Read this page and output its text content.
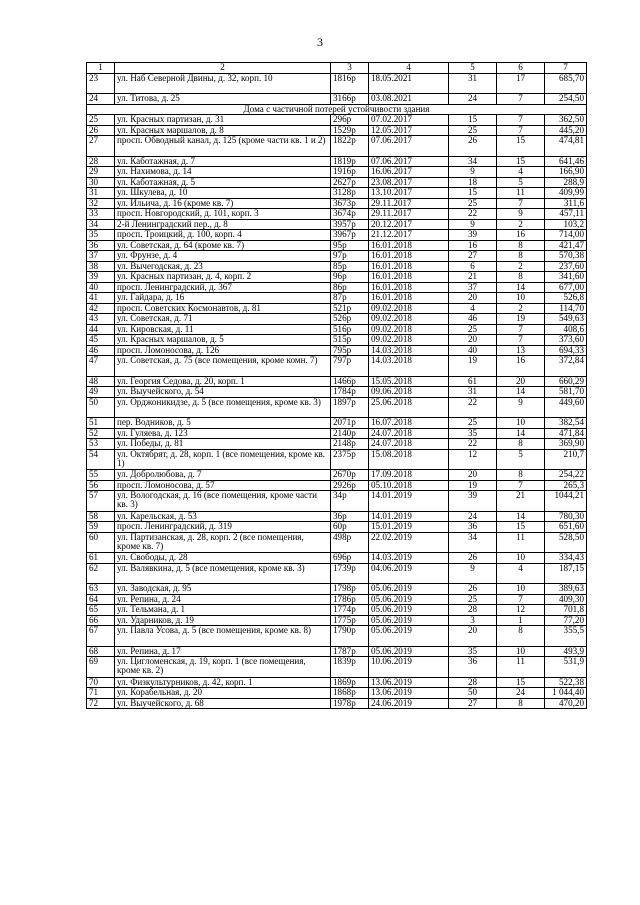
3
1	2	3	4	5	6	7
23	ул. Наб Северной Двины, д. 32, корп. 10	1816р	18.05.2021	31	17	685,70
24	ул. Титова, д. 25	3166р	03.08.2021	24	7	254,50
Дома с частичной потерей устойчивости здания						
25	ул. Красных партизан, д. 31	296р	07.02.2017	15	7	362,50
26	ул. Красных маршалов, д. 8	1529р	12.05.2017	25	7	445,20
27	просп. Обводный канал, д. 125 (кроме части кв. 1 и 2)	1822р	07.06.2017	26	15	474,81
28	ул. Каботажная, д. 7	1819р	07.06.2017	34	15	641,46
29	ул. Нахимова, д. 14	1916р	16.06.2017	9	4	166,90
30	ул. Каботажная, д. 5	2627р	23.08.2017	18	5	288,9
31	ул. Шкулева, д. 10	3128р	13.10.2017	15	11	409,99
32	ул. Ильича, д. 16 (кроме кв. 7)	3673р	29.11.2017	25	7	311,6
33	просп. Новгородский, д. 101, корп. 3	3674р	29.11.2017	22	9	457,11
34	2-й Ленинградский пер., д. 8	3957р	20.12.2017	9	2	103,2
35	просп. Троицкий, д. 100, корп. 4	3967р	21.12.2017	39	16	714,00
36	ул. Советская, д. 64 (кроме кв. 7)	95р	16.01.2018	16	8	421,47
37	ул. Фрунзе, д. 4	97р	16.01.2018	27	8	570,38
38	ул. Вычегодская, д. 23	85р	16.01.2018	6	2	237,60
39	ул. Красных партизан, д. 4, корп. 2	96р	16.01.2018	21	8	341,60
40	просп. Ленинградский, д. 367	86р	16.01.2018	37	14	677,00
41	ул. Гайдара, д. 16	87р	16.01.2018	20	10	526,8
42	просп. Советских Космонавтов, д. 81	521р	09.02.2018	4	2	114,70
43	ул. Советская, д. 71	526р	09.02.2018	46	19	549,63
44	ул. Кировская, д. 11	516р	09.02.2018	25	7	408,6
45	ул. Красных маршалов, д. 5	515р	09.02.2018	20	7	373,60
46	просп. Ломоносова, д. 126	795р	14.03.2018	40	13	694,33
47	ул. Советская, д. 75 (все помещения, кроме комн. 7)	797р	14.03.2018	19	16	372,84
48	ул. Георгия Седова, д. 20, корп. 1	1466р	15.05.2018	61	20	660,29
49	ул. Выучейского, д. 54	1784р	09.06.2018	31	14	581,70
50	ул. Орджоникидзе, д. 5 (все помещения, кроме кв. 3)	1897р	25.06.2018	22	9	449,60
51	пер. Водников, д. 5	2071р	16.07.2018	25	10	382,54
52	ул. Гуляева, д. 123	2140р	24.07.2018	35	14	471,84
53	ул. Победы, д. 81	2148р	24.07.2018	22	8	369,90
54	ул. Октябрят, д. 28, корп. 1 (все помещения, кроме кв. 1)	2375р	15.08.2018	12	5	210,7
55	ул. Добролюбова, д. 7	2670р	17.09.2018	20	8	254,22
56	просп. Ломоносова, д. 57	2926р	05.10.2018	19	7	265,3
57	ул. Вологодская, д. 16 (все помещения, кроме части кв. 3)	34р	14.01.2019	39	21	1044,21
58	ул. Карельская, д. 53	36р	14.01.2019	24	14	780,30
59	просп. Ленинградский, д. 319	60р	15.01.2019	36	15	651,60
60	ул. Партизанская, д. 28, корп. 2 (все помещения, кроме кв. 7)	498р	22.02.2019	34	11	528,50
61	ул. Свободы, д. 28	696р	14.03.2019	26	10	334,43
62	ул. Валявкина, д. 5 (все помещения, кроме кв. 3)	1739р	04.06.2019	9	4	187,15
63	ул. Заводская, д. 95	1798р	05.06.2019	26	10	389,63
64	ул. Репина, д. 24	1786р	05.06.2019	25	7	409,30
65	ул. Тельмана, д. 1	1774р	05.06.2019	28	12	701,8
66	ул. Ударников, д. 19	1775р	05.06.2019	3	1	77,20
67	ул. Павла Усова, д. 5 (все помещения, кроме кв. 8)	1790р	05.06.2019	20	8	355,5
68	ул. Репина, д. 17	1787р	05.06.2019	35	10	493,9
69	ул. Цигломенская, д. 19, корп. 1 (все помещения, кроме кв. 2)	1839р	10.06.2019	36	11	531,9
70	ул. Физкультурников, д. 42, корп. 1	1869р	13.06.2019	28	15	522,38
71	ул. Корабельная, д. 20	1868р	13.06.2019	50	24	1 044,40
72	ул. Выучейского, д. 68	1978р	24.06.2019	27	8	470,20
